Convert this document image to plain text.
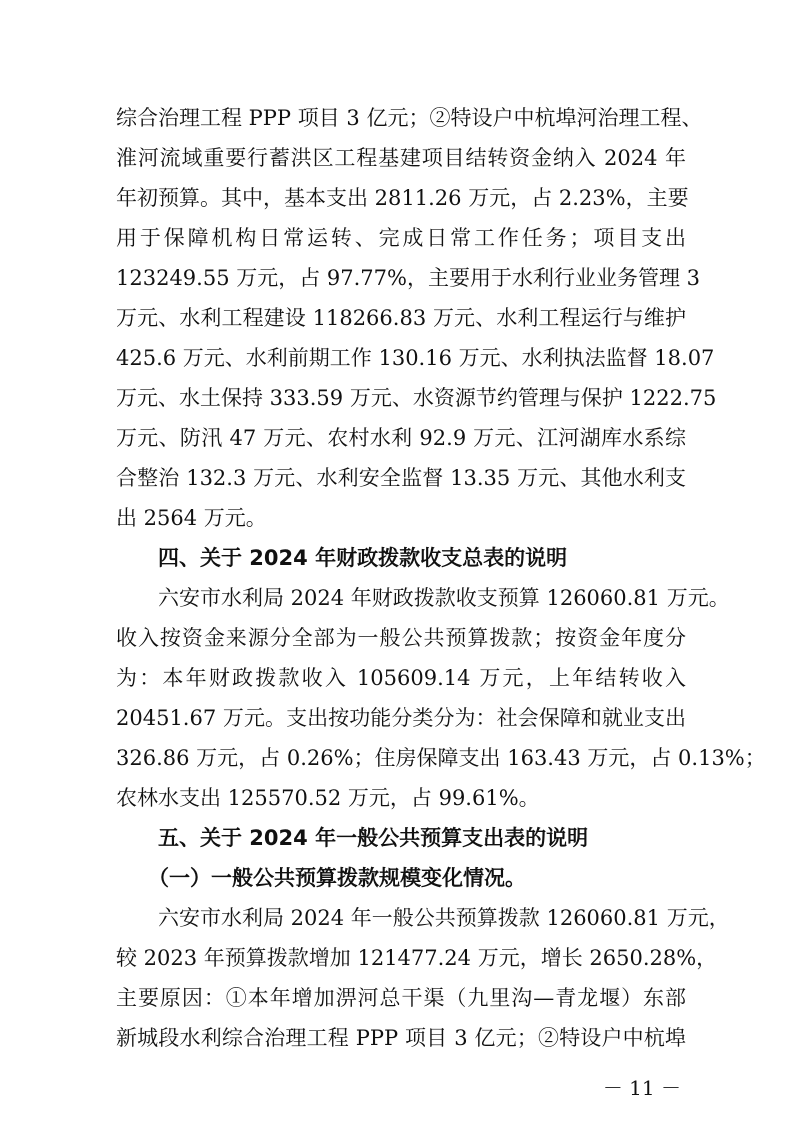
综合治理工程 PPP 项目 3 亿元；②特设户中杭埠河治理工程、
淮河流域重要行蓄洪区工程基建项目结转资金纳入 2024 年
年初预算。其中，基本支出 2811.26 万元，占 2.23%，主要
用于保障机构日常运转、完成日常工作任务；项目支出
123249.55 万元，占 97.77%，主要用于水利行业业务管理 3
万元、水利工程建设 118266.83 万元、水利工程运行与维护
425.6 万元、水利前期工作 130.16 万元、水利执法监督 18.07
万元、水土保持 333.59 万元、水资源节约管理与保护 1222.75
万元、防汛 47 万元、农村水利 92.9 万元、江河湖库水系综
合整治 132.3 万元、水利安全监督 13.35 万元、其他水利支
出 2564 万元。
四、关于 2024 年财政拨款收支总表的说明
六安市水利局 2024 年财政拨款收支预算 126060.81 万元。
收入按资金来源分全部为一般公共预算拨款；按资金年度分
为：本年财政拨款收入 105609.14 万元，上年结转收入
20451.67 万元。支出按功能分类分为：社会保障和就业支出
326.86 万元，占 0.26%；住房保障支出 163.43 万元，占 0.13%；
农林水支出 125570.52 万元，占 99.61%。
五、关于 2024 年一般公共预算支出表的说明
（一）一般公共预算拨款规模变化情况。
六安市水利局 2024 年一般公共预算拨款 126060.81 万元，
较 2023 年预算拨款增加 121477.24 万元，增长 2650.28%，
主要原因：①本年增加淠河总干渠（九里沟—青龙堰）东部
新城段水利综合治理工程 PPP 项目 3 亿元；②特设户中杭埠
－ 11 －
